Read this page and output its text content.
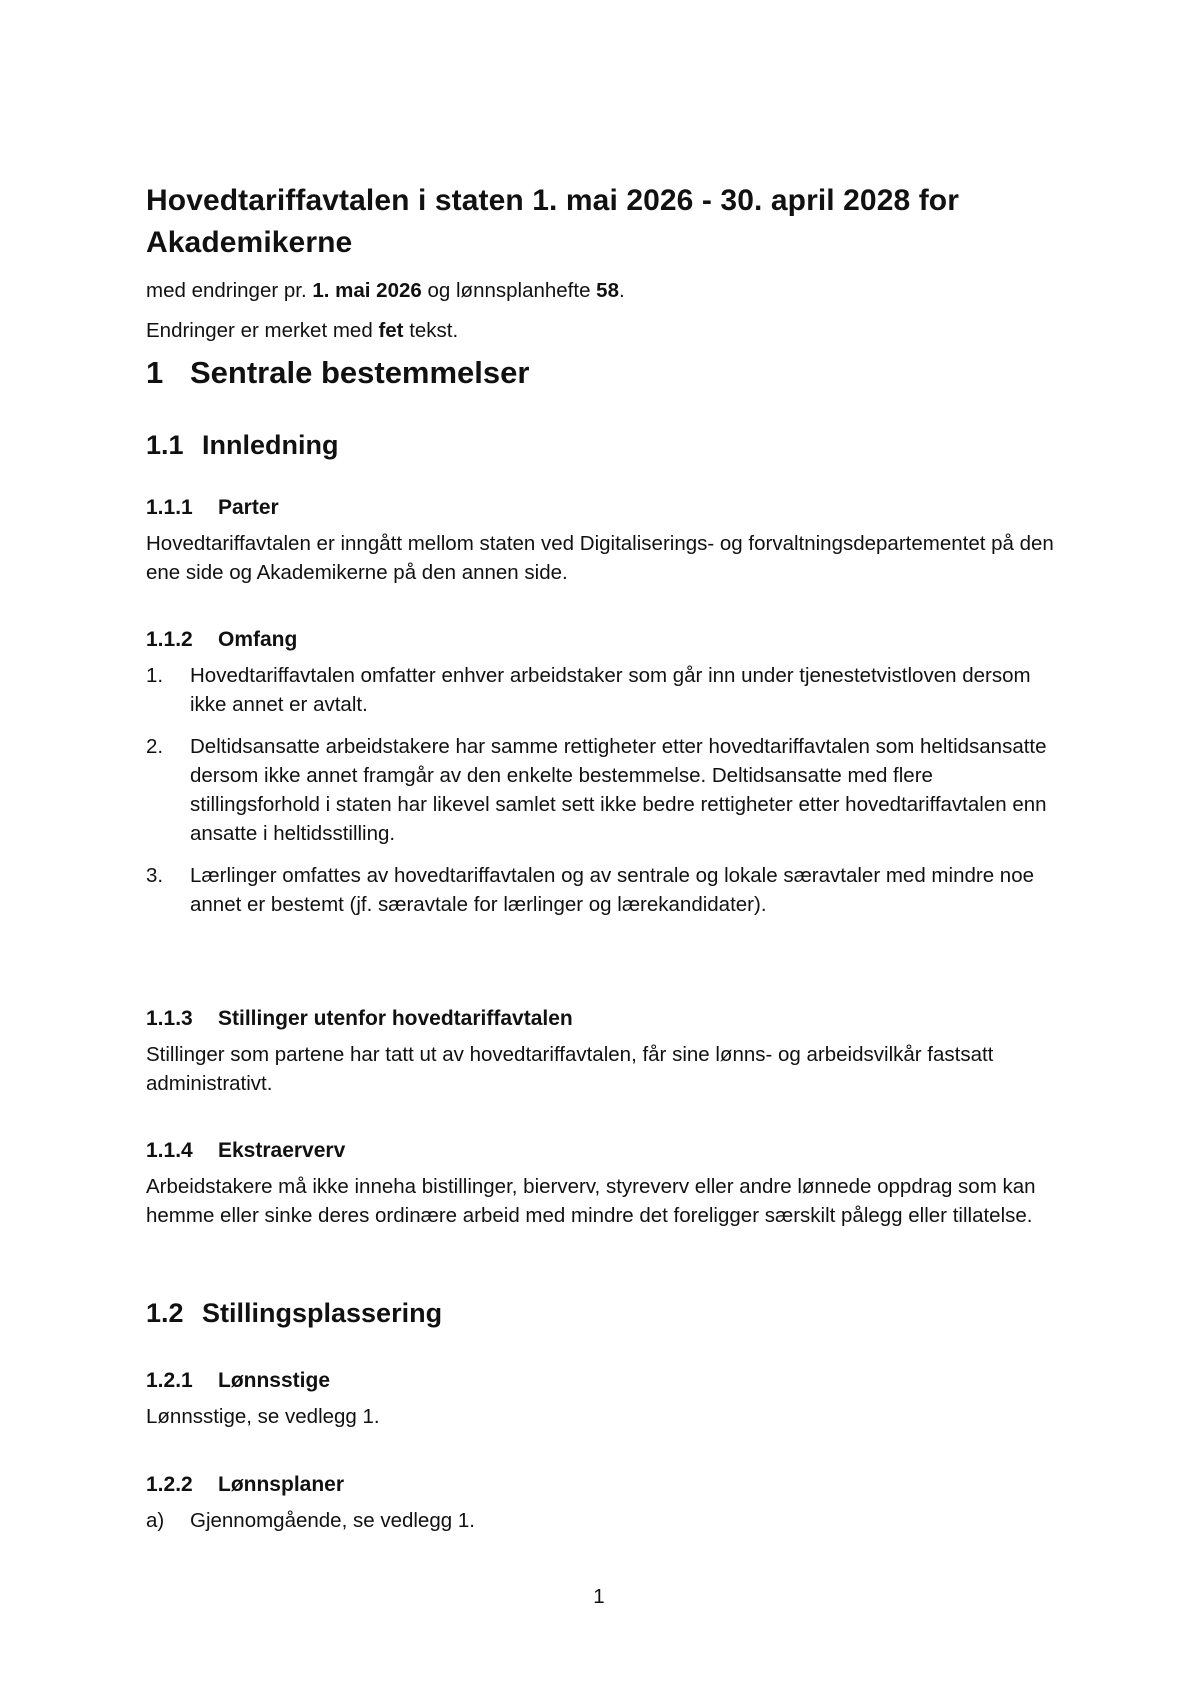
Hovedtariffavtalen i staten 1. mai 2026 - 30. april 2028 for Akademikerne

med endringer pr. 1. mai 2026 og lønnsplanhefte 58.

Endringer er merket med fet tekst.

1 Sentrale bestemmelser
1.1 Innledning
1.1.1 Parter

Hovedtariffavtalen er inngått mellom staten ved Digitaliserings- og forvaltningsdepartementet på den ene side og Akademikerne på den annen side.

1.1.2 Omfang
1. Hovedtariffavtalen omfatter enhver arbeidstaker som går inn under tjenestetvistloven dersom ikke annet er avtalt.
2. Deltidsansatte arbeidstakere har samme rettigheter etter hovedtariffavtalen som heltidsansatte dersom ikke annet framgår av den enkelte bestemmelse. Deltidsansatte med flere stillingsforhold i staten har likevel samlet sett ikke bedre rettigheter etter hovedtariffavtalen enn ansatte i heltidsstilling.
3. Lærlinger omfattes av hovedtariffavtalen og av sentrale og lokale særavtaler med mindre noe annet er bestemt (jf. særavtale for lærlinger og lærekandidater).
1.1.3 Stillinger utenfor hovedtariffavtalen

Stillinger som partene har tatt ut av hovedtariffavtalen, får sine lønns- og arbeidsvilkår fastsatt administrativt.

1.1.4 Ekstraerverv

Arbeidstakere må ikke inneha bistillinger, bierverv, styreverv eller andre lønnede oppdrag som kan hemme eller sinke deres ordinære arbeid med mindre det foreligger særskilt pålegg eller tillatelse.

1.2 Stillingsplassering
1.2.1 Lønnsstige

Lønnsstige, se vedlegg 1.

1.2.2 Lønnsplaner
a) Gjennomgående, se vedlegg 1.
1
